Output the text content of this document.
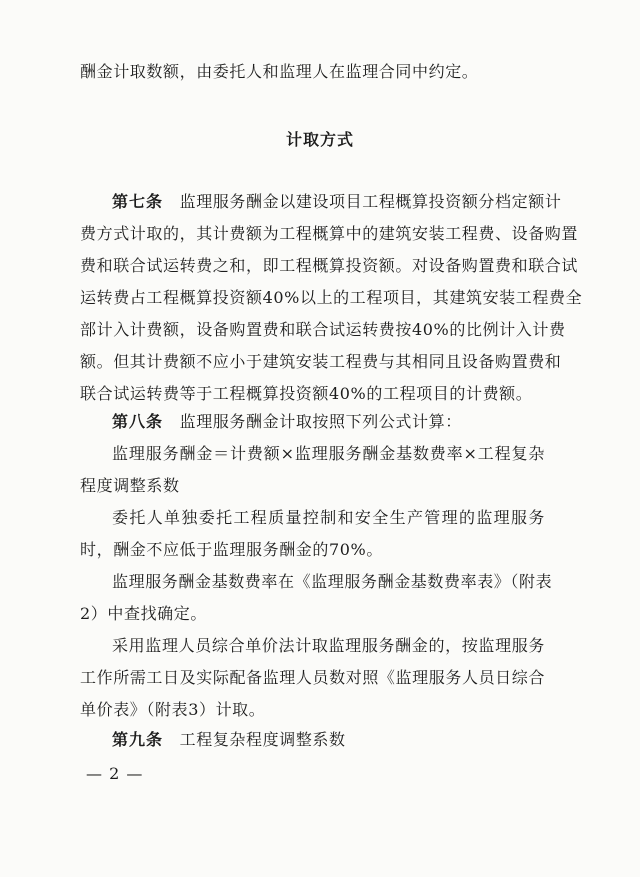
酬金计取数额，由委托人和监理人在监理合同中约定。
计取方式
第七条　 监理服务酬金以建设项目工程概算投资额分档定额计
费方式计取的，其计费额为工程概算中的建筑安装工程费、设备购置
费和联合试运转费之和，即工程概算投资额。对设备购置费和联合试
运转费占工程概算投资额40%以上的工程项目，其建筑安装工程费全
部计入计费额，设备购置费和联合试运转费按40%的比例计入计费
额。但其计费额不应小于建筑安装工程费与其相同且设备购置费和
联合试运转费等于工程概算投资额40%的工程项目的计费额。
第八条　 监理服务酬金计取按照下列公式计算：
监理服务酬金＝计费额×监理服务酬金基数费率×工程复杂
程度调整系数
委托人单独委托工程质量控制和安全生产管理的监理服务
时，酬金不应低于监理服务酬金的70%。
监理服务酬金基数费率在《监理服务酬金基数费率表》（附表
2）中查找确定。
采用监理人员综合单价法计取监理服务酬金的，按监理服务
工作所需工日及实际配备监理人员数对照《监理服务人员日综合
单价表》（附表3）计取。
第九条　 工程复杂程度调整系数
— 2 —
